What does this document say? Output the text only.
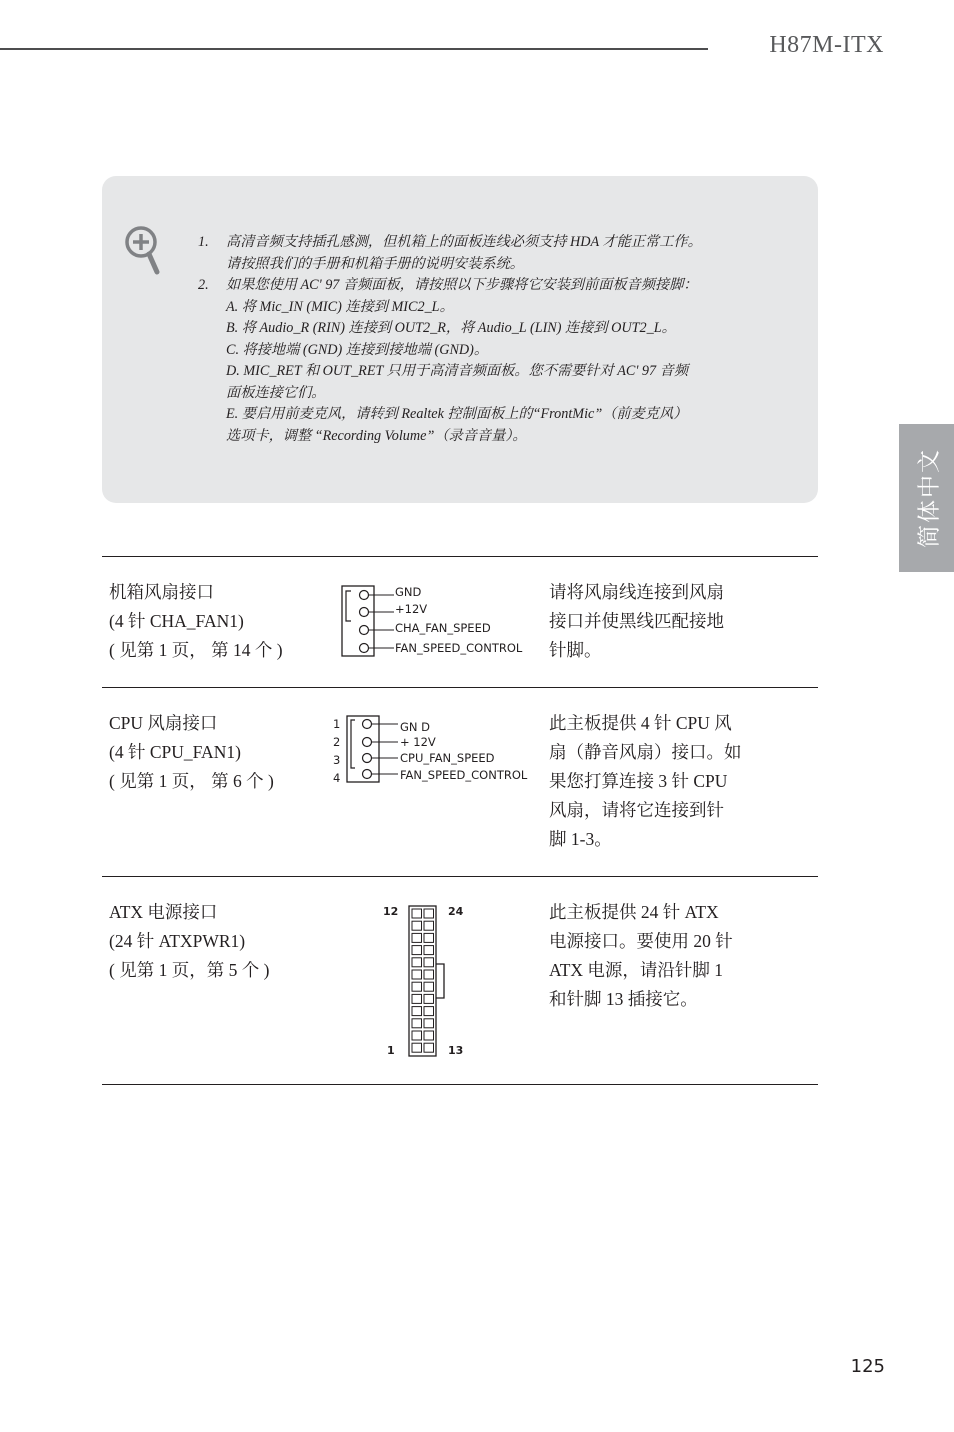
H87M-ITX
简体中文
1. 高清音频支持插孔感测，但机箱上的面板连线必须支持 HDA 才能正常工作。
请按照我们的手册和机箱手册的说明安装系统。
2. 如果您使用 AC' 97 音频面板，请按照以下步骤将它安装到前面板音频接脚：
A. 将 Mic_IN (MIC) 连接到 MIC2_L。
B. 将 Audio_R (RIN) 连接到 OUT2_R，将 Audio_L (LIN) 连接到 OUT2_L。
C. 将接地端 (GND) 连接到接地端 (GND)。
D. MIC_RET 和 OUT_RET 只用于高清音频面板。您不需要针对 AC' 97 音频
面板连接它们。
E. 要启用前麦克风，请转到 Realtek 控制面板上的“FrontMic”（前麦克风）
选项卡，调整 “Recording Volume”（录音音量）。
机箱风扇接口
(4 针 CHA_FAN1)
( 见第 1 页， 第 14 个 )
GND
+12V
CHA_FAN_SPEED
FAN_SPEED_CONTROL
请将风扇线连接到风扇
接口并使黑线匹配接地
针脚。
CPU 风扇接口
(4 针 CPU_FAN1)
( 见第 1 页， 第 6 个 )
1
2
3
4
GN D
+ 12V
CPU_FAN_SPEED
FAN_SPEED_CONTROL
此主板提供 4 针 CPU 风
扇（静音风扇）接口。如
果您打算连接 3 针 CPU
风扇，请将它连接到针
脚 1-3。
ATX 电源接口
(24 针 ATXPWR1)
( 见第 1 页，第 5 个 )
12	24
1	13
此主板提供 24 针 ATX
电源接口。要使用 20 针
ATX 电源，请沿针脚 1
和针脚 13 插接它。
125
